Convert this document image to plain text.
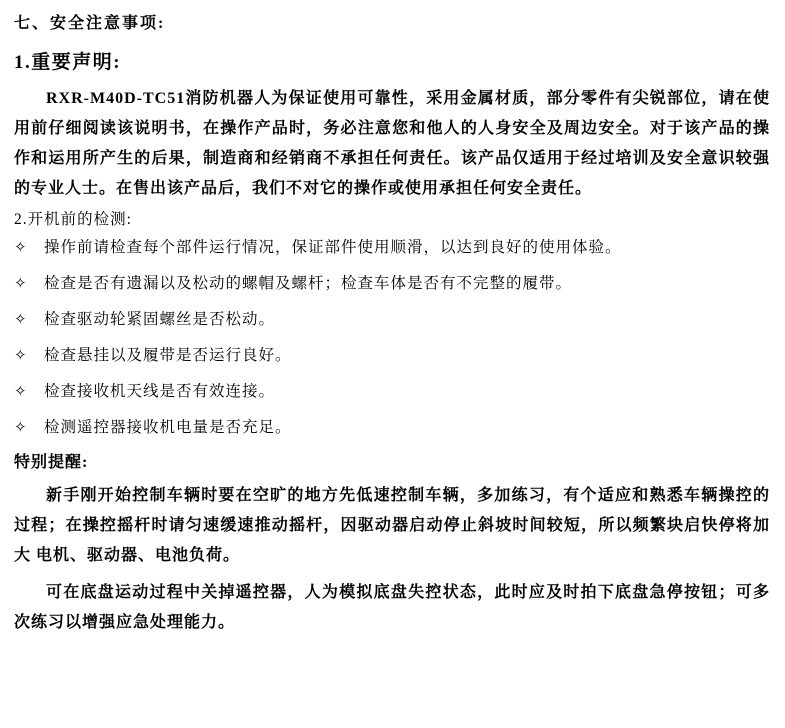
七、安全注意事项:
1.重要声明:

RXR-M40D-TC51消防机器人为保证使用可靠性，采用金属材质，部分零件有尖锐部位，请在使用前仔细阅读该说明书，在操作产品时，务必注意您和他人的人身安全及周边安全。对于该产品的操作和运用所产生的后果，制造商和经销商不承担任何责任。该产品仅适用于经过培训及安全意识较强的专业人士。在售出该产品后，我们不对它的操作或使用承担任何安全责任。

2.开机前的检测:
✧	操作前请检查每个部件运行情况，保证部件使用顺滑，以达到良好的使用体验。
✧	检查是否有遗漏以及松动的螺帽及螺杆；检查车体是否有不完整的履带。
✧	检查驱动轮紧固螺丝是否松动。
✧	检查悬挂以及履带是否运行良好。
✧	检查接收机天线是否有效连接。
✧	检测遥控器接收机电量是否充足。
特别提醒:

新手刚开始控制车辆时要在空旷的地方先低速控制车辆，多加练习，有个适应和熟悉车辆操控的过程；在操控摇杆时请匀速缓速推动摇杆，因驱动器启动停止斜坡时间较短，所以频繁块启快停将加大 电机、驱动器、电池负荷。

可在底盘运动过程中关掉遥控器，人为模拟底盘失控状态，此时应及时拍下底盘急停按钮；可多次练习以增强应急处理能力。
